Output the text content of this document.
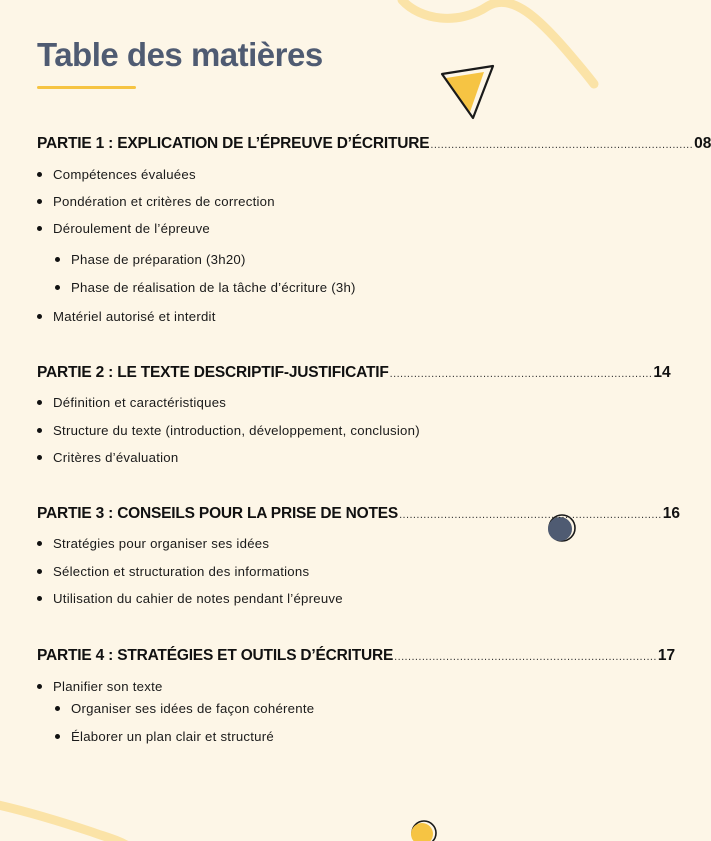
Table des matières
PARTIE 1 : EXPLICATION DE L’ÉPREUVE D’ÉCRITURE ............................................................................ 08
Compétences évaluées
Pondération et critères de correction
Déroulement de l’épreuve
Phase de préparation (3h20)
Phase de réalisation de la tâche d’écriture (3h)
Matériel autorisé et interdit
PARTIE 2 : LE TEXTE DESCRIPTIF-JUSTIFICATIF ............................................................................ 14
Définition et caractéristiques
Structure du texte (introduction, développement, conclusion)
Critères d’évaluation
PARTIE 3 : CONSEILS POUR LA PRISE DE NOTES ............................................................................ 16
Stratégies pour organiser ses idées
Sélection et structuration des informations
Utilisation du cahier de notes pendant l’épreuve
PARTIE 4 : STRATÉGIES ET OUTILS D’ÉCRITURE ............................................................................ 17
Planifier son texte
Organiser ses idées de façon cohérente
Élaborer un plan clair et structuré
